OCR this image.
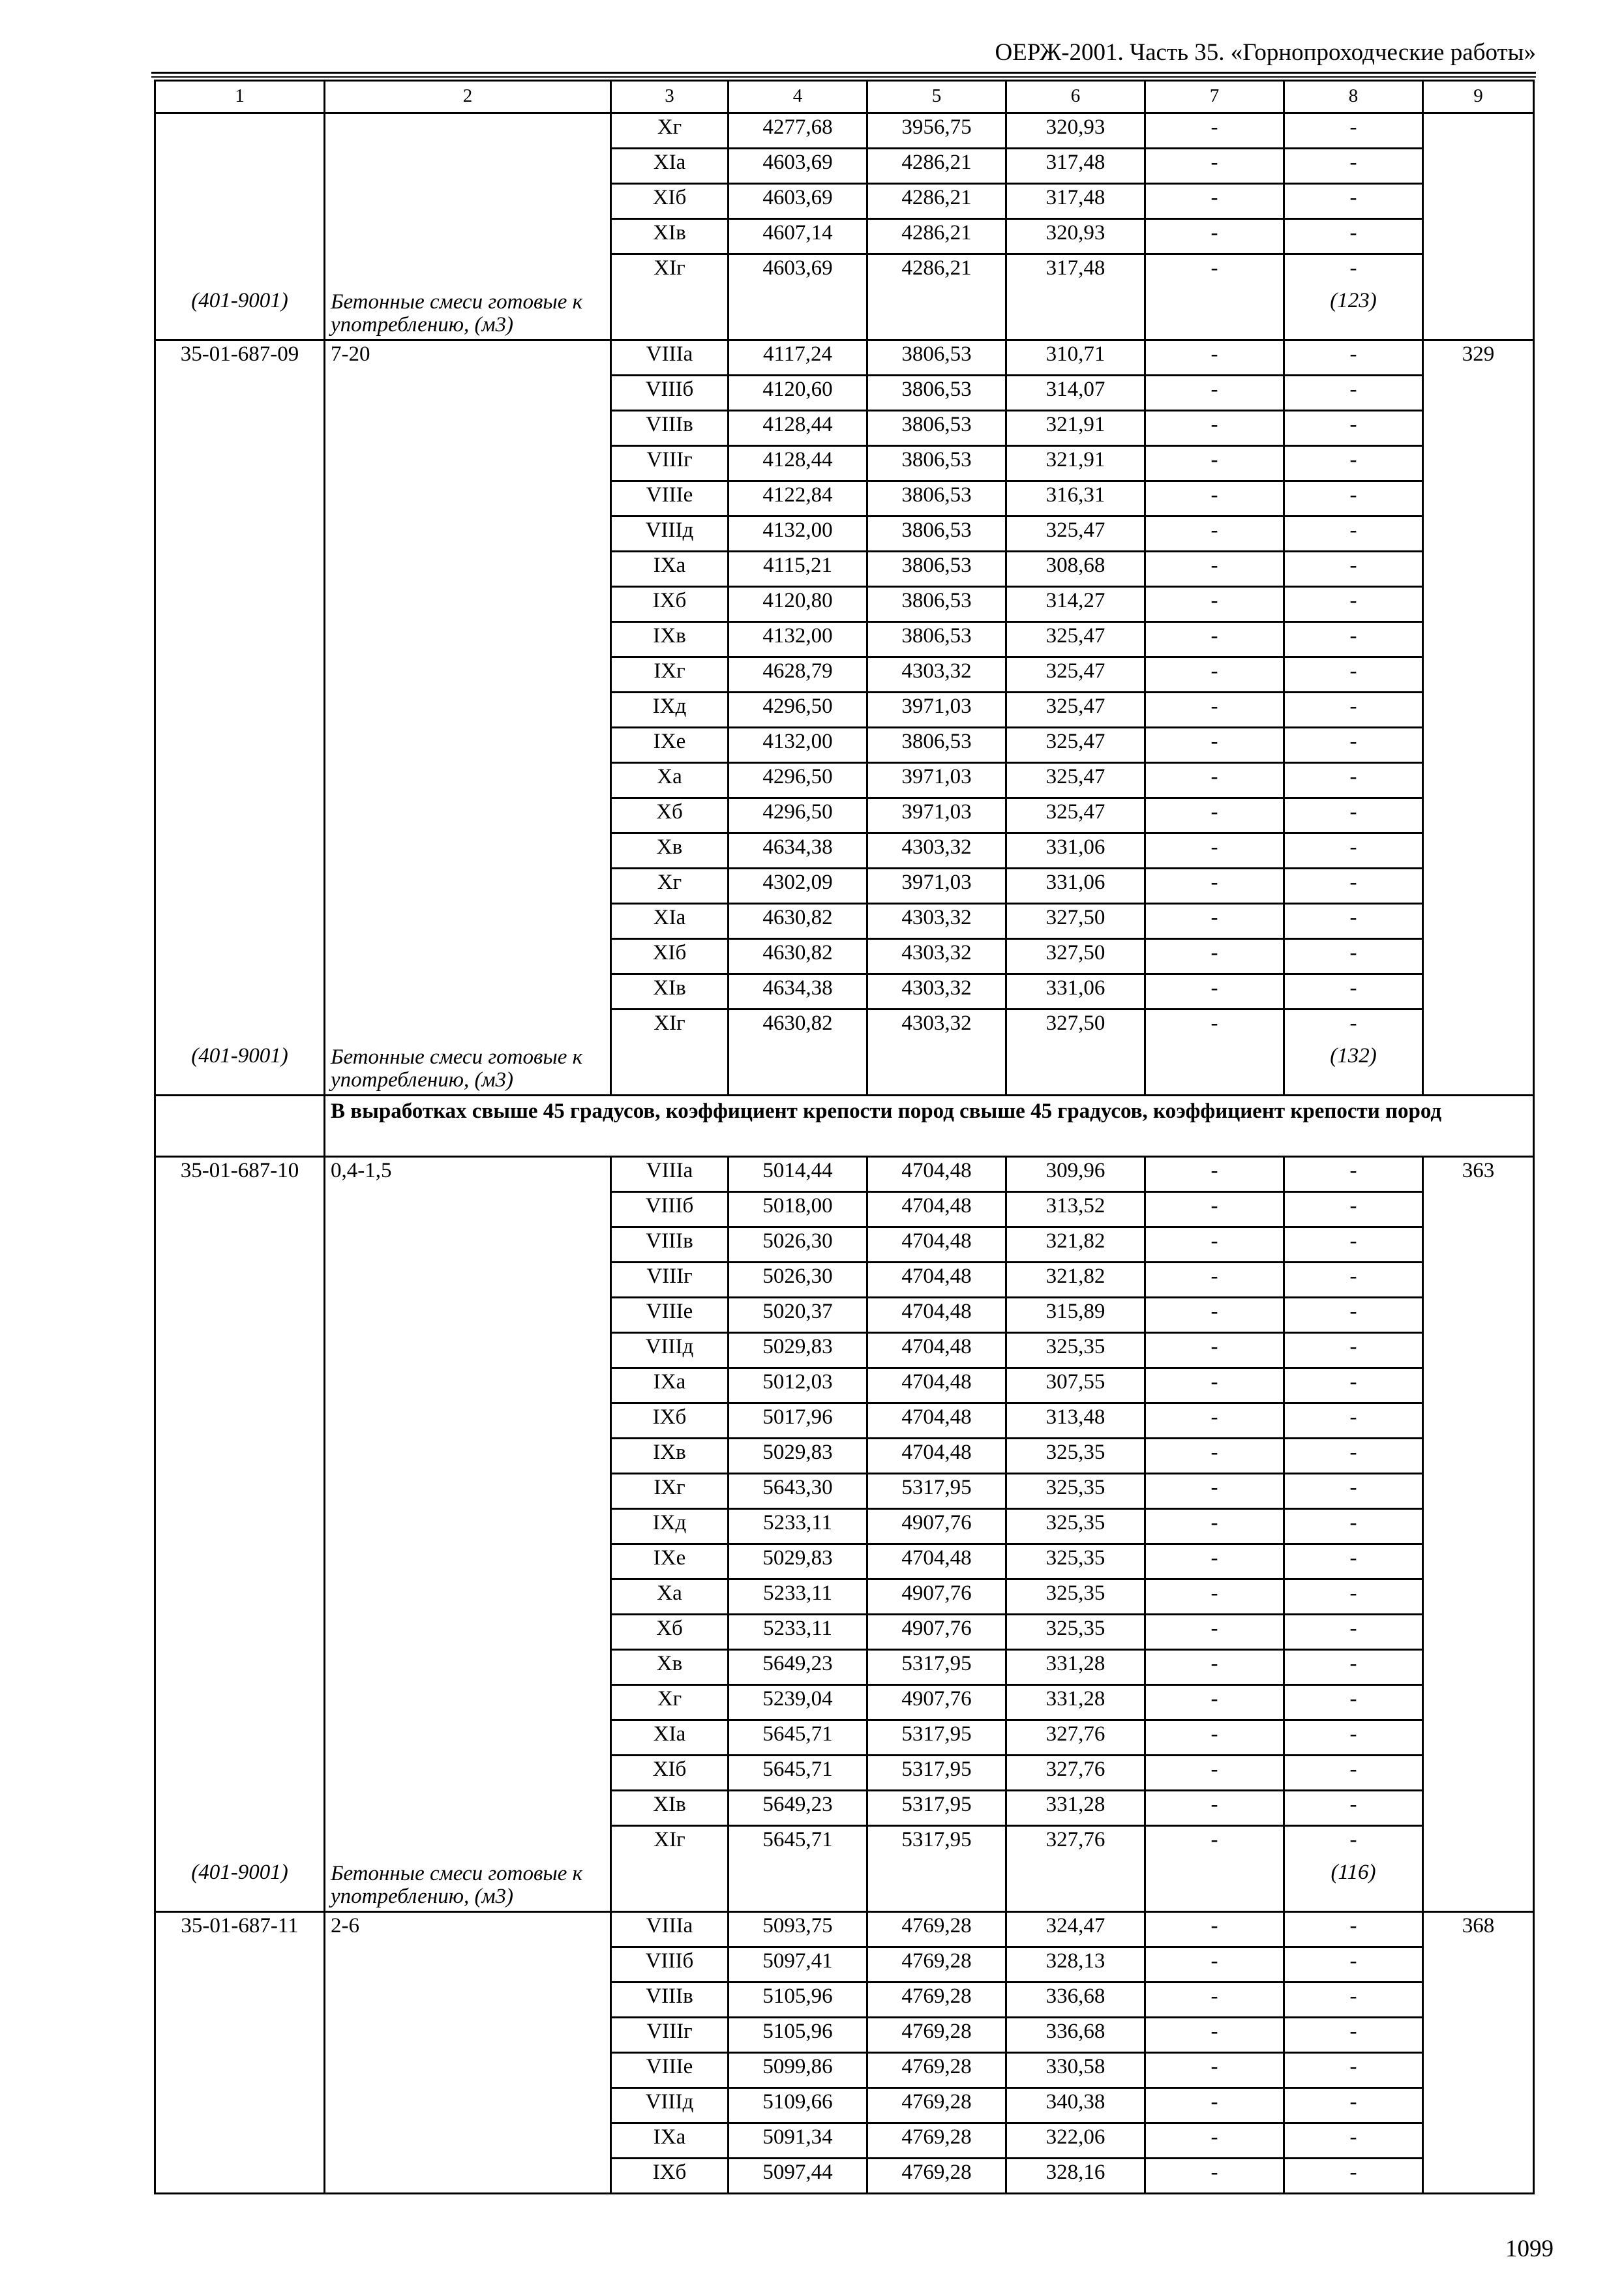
ОЕРЖ-2001. Часть 35. «Горнопроходческие работы»
1	2	3	4	5	6	7	8	9
		Xг	4277,68	3956,75	320,93	-	-	
		XIа	4603,69	4286,21	317,48	-	-	
		XIб	4603,69	4286,21	317,48	-	-	
		XIв	4607,14	4286,21	320,93	-	-	
		XIг	4603,69	4286,21	317,48	-	-	
(401-9001)	Бетонные смеси готовые к употреблению, (м3)						(123)	
35-01-687-09	7-20	VIIIа	4117,24	3806,53	310,71	-	-	329
		VIIIб	4120,60	3806,53	314,07	-	-	
		VIIIв	4128,44	3806,53	321,91	-	-	
		VIIIг	4128,44	3806,53	321,91	-	-	
		VIIIе	4122,84	3806,53	316,31	-	-	
		VIIIд	4132,00	3806,53	325,47	-	-	
		IXа	4115,21	3806,53	308,68	-	-	
		IXб	4120,80	3806,53	314,27	-	-	
		IXв	4132,00	3806,53	325,47	-	-	
		IXг	4628,79	4303,32	325,47	-	-	
		IXд	4296,50	3971,03	325,47	-	-	
		IXе	4132,00	3806,53	325,47	-	-	
		Xа	4296,50	3971,03	325,47	-	-	
		Xб	4296,50	3971,03	325,47	-	-	
		Xв	4634,38	4303,32	331,06	-	-	
		Xг	4302,09	3971,03	331,06	-	-	
		XIа	4630,82	4303,32	327,50	-	-	
		XIб	4630,82	4303,32	327,50	-	-	
		XIв	4634,38	4303,32	331,06	-	-	
		XIг	4630,82	4303,32	327,50	-	-	
(401-9001)	Бетонные смеси готовые к употреблению, (м3)						(132)	
	В выработках свыше 45 градусов, коэффициент крепости пород свыше 45 градусов, коэффициент крепости пород							
35-01-687-10	0,4-1,5	VIIIа	5014,44	4704,48	309,96	-	-	363
		VIIIб	5018,00	4704,48	313,52	-	-	
		VIIIв	5026,30	4704,48	321,82	-	-	
		VIIIг	5026,30	4704,48	321,82	-	-	
		VIIIе	5020,37	4704,48	315,89	-	-	
		VIIIд	5029,83	4704,48	325,35	-	-	
		IXа	5012,03	4704,48	307,55	-	-	
		IXб	5017,96	4704,48	313,48	-	-	
		IXв	5029,83	4704,48	325,35	-	-	
		IXг	5643,30	5317,95	325,35	-	-	
		IXд	5233,11	4907,76	325,35	-	-	
		IXе	5029,83	4704,48	325,35	-	-	
		Xа	5233,11	4907,76	325,35	-	-	
		Xб	5233,11	4907,76	325,35	-	-	
		Xв	5649,23	5317,95	331,28	-	-	
		Xг	5239,04	4907,76	331,28	-	-	
		XIа	5645,71	5317,95	327,76	-	-	
		XIб	5645,71	5317,95	327,76	-	-	
		XIв	5649,23	5317,95	331,28	-	-	
		XIг	5645,71	5317,95	327,76	-	-	
(401-9001)	Бетонные смеси готовые к употреблению, (м3)						(116)	
35-01-687-11	2-6	VIIIа	5093,75	4769,28	324,47	-	-	368
		VIIIб	5097,41	4769,28	328,13	-	-	
		VIIIв	5105,96	4769,28	336,68	-	-	
		VIIIг	5105,96	4769,28	336,68	-	-	
		VIIIе	5099,86	4769,28	330,58	-	-	
		VIIIд	5109,66	4769,28	340,38	-	-	
		IXа	5091,34	4769,28	322,06	-	-	
		IXб	5097,44	4769,28	328,16	-	-	
1099
